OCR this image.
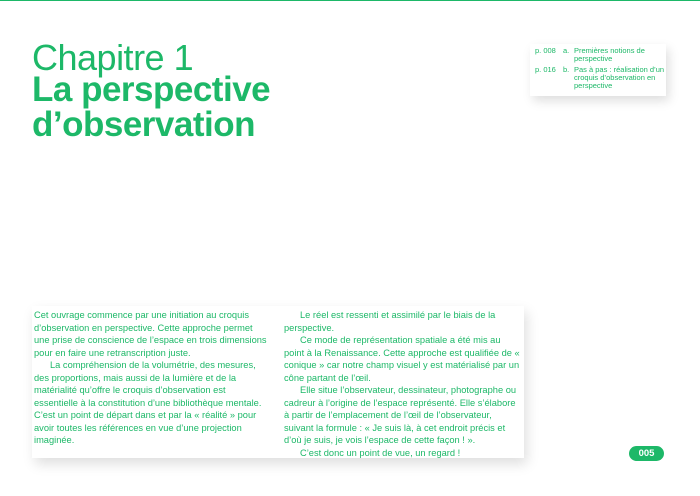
Chapitre 1
La perspective d’observation
p. 008 a. Premières notions de perspective
p. 016 b. Pas à pas : réalisation d’un croquis d’observation en perspective

Cet ouvrage commence par une initiation au croquis d’observation en perspective. Cette approche permet une prise de conscience de l’espace en trois dimensions pour en faire une retranscription juste.

La compréhension de la volumétrie, des mesures, des proportions, mais aussi de la lumière et de la matérialité qu’offre le croquis d’observation est essentielle à la constitution d’une bibliothèque mentale. C’est un point de départ dans et par la « réalité » pour avoir toutes les références en vue d’une projection imaginée.

Le réel est ressenti et assimilé par le biais de la perspective.

Ce mode de représentation spatiale a été mis au point à la Renaissance. Cette approche est qualifiée de « conique » car notre champ visuel y est matérialisé par un cône partant de l’œil.

Elle situe l’observateur, dessinateur, photographe ou cadreur à l’origine de l’espace représenté. Elle s’élabore à partir de l’emplacement de l’œil de l’observateur, suivant la formule : « Je suis là, à cet endroit précis et d’où je suis, je vois l’espace de cette façon ! ».

C’est donc un point de vue, un regard !	005
